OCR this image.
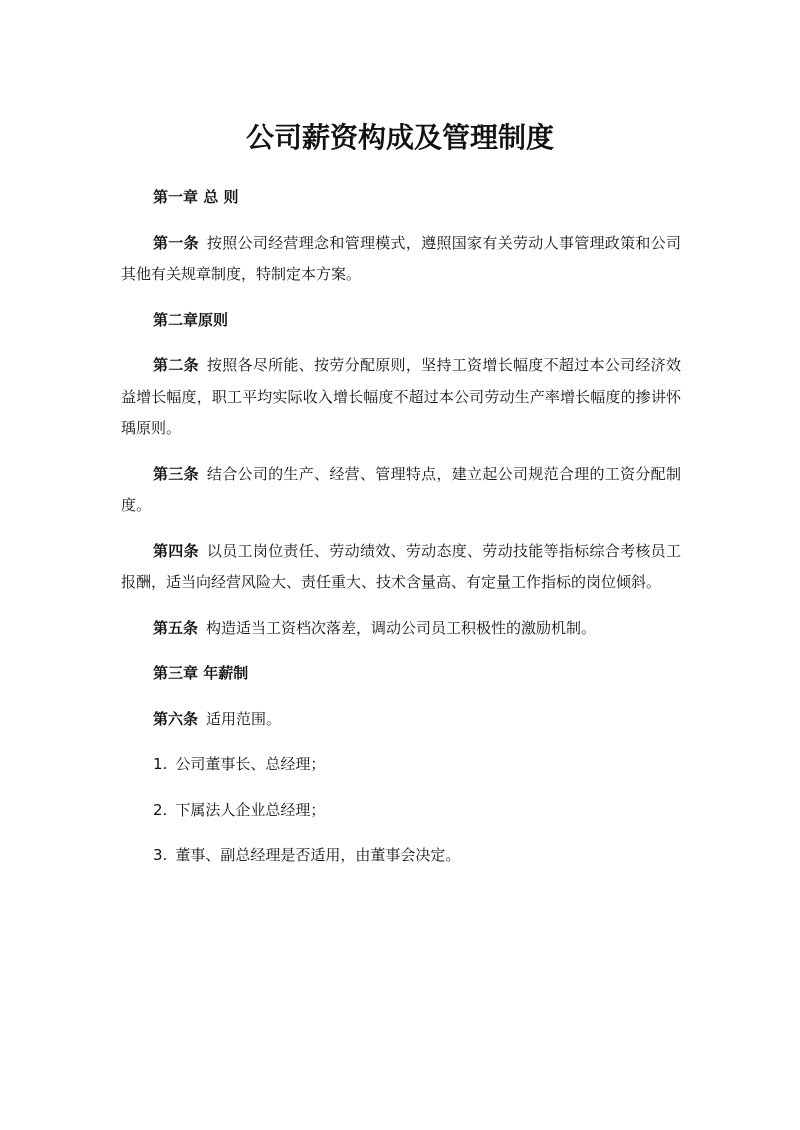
公司薪资构成及管理制度

第一章 总 则

第一条 按照公司经营理念和管理模式，遵照国家有关劳动人事管理政策和公司其他有关规章制度，特制定本方案。

第二章原则

第二条 按照各尽所能、按劳分配原则，坚持工资增长幅度不超过本公司经济效益增长幅度，职工平均实际收入增长幅度不超过本公司劳动生产率增长幅度的掺讲怀瑀原则。

第三条 结合公司的生产、经营、管理特点，建立起公司规范合理的工资分配制度。

第四条 以员工岗位责任、劳动绩效、劳动态度、劳动技能等指标综合考核员工报酬，适当向经营风险大、责任重大、技术含量高、有定量工作指标的岗位倾斜。

第五条 构造适当工资档次落差，调动公司员工积极性的激励机制。

第三章 年薪制

第六条 适用范围。

1. 公司董事长、总经理；

2. 下属法人企业总经理；

3. 董事、副总经理是否适用，由董事会决定。
